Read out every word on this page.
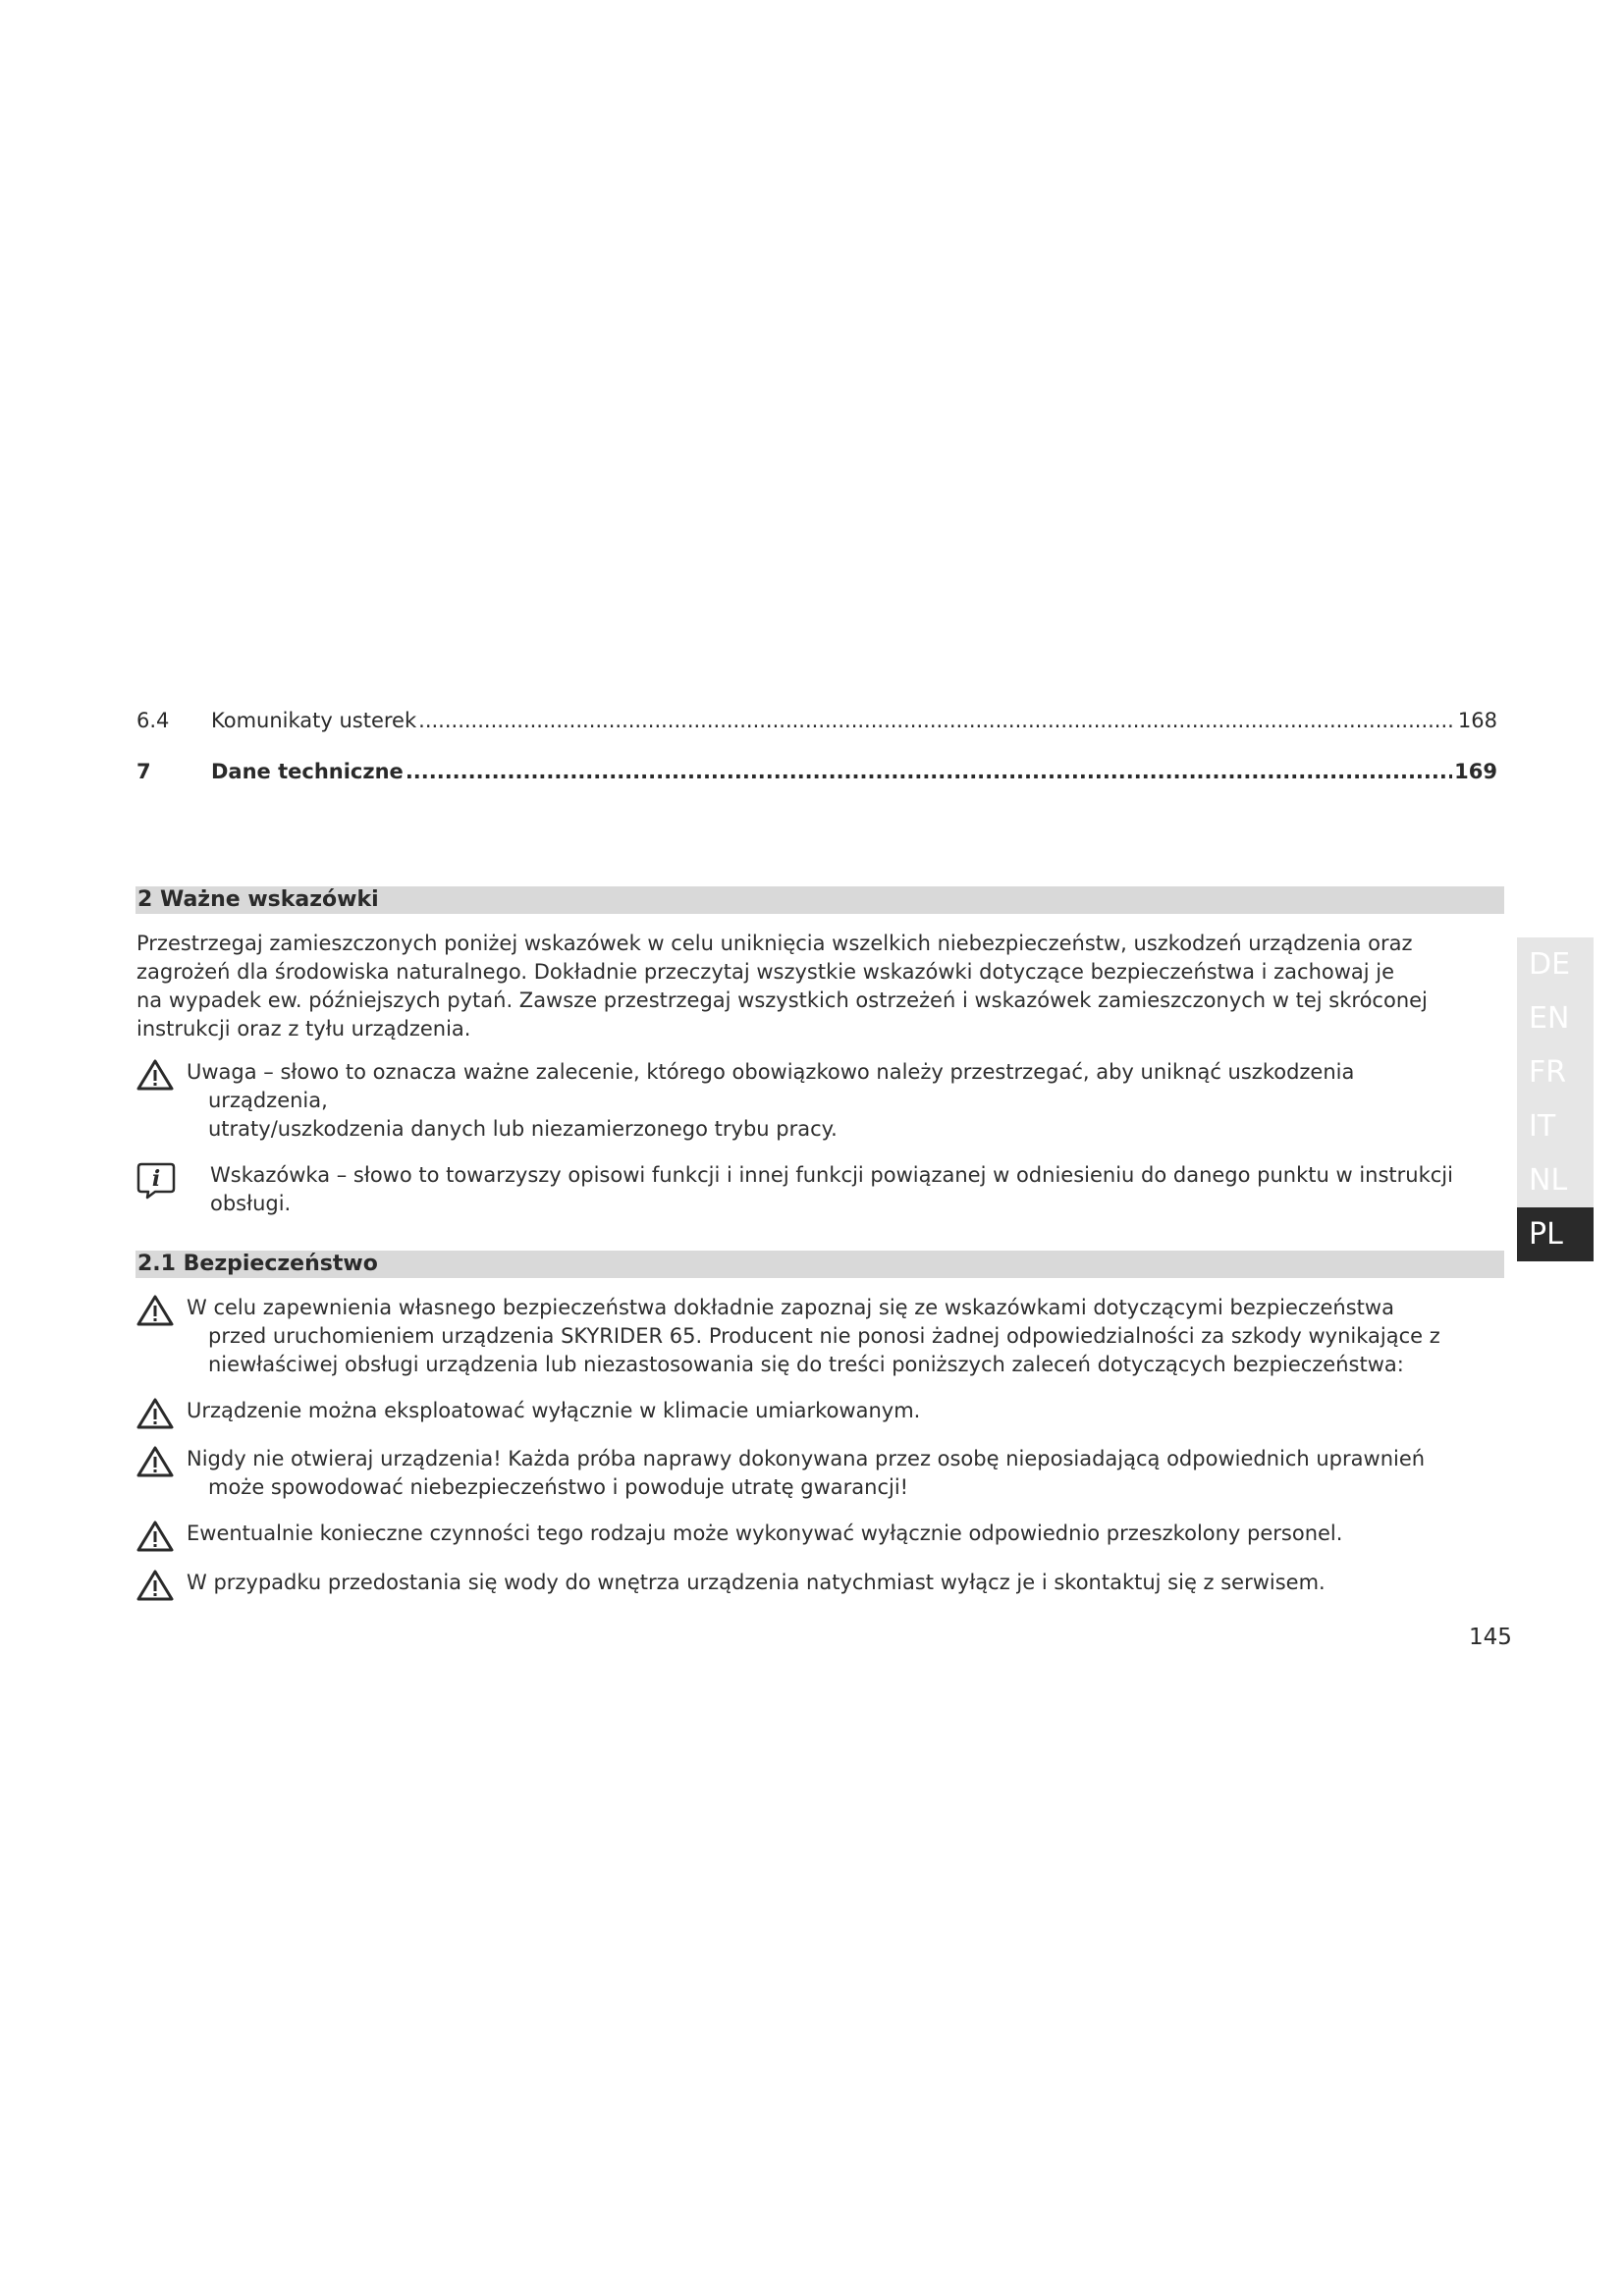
6.4	Komunikaty usterek .....	168
7	Dane techniczne .....	169
2 Ważne wskazówki
Przestrzegaj zamieszczonych poniżej wskazówek w celu uniknięcia wszelkich niebezpieczeństw, uszkodzeń urządzenia oraz
zagrożeń dla środowiska naturalnego. Dokładnie przeczytaj wszystkie wskazówki dotyczące bezpieczeństwa i zachowaj je
na wypadek ew. późniejszych pytań. Zawsze przestrzegaj wszystkich ostrzeżeń i wskazówek zamieszczonych w tej skróconej
instrukcji oraz z tyłu urządzenia.
Uwaga – słowo to oznacza ważne zalecenie, którego obowiązkowo należy przestrzegać, aby uniknąć uszkodzenia
urządzenia,
utraty/uszkodzenia danych lub niezamierzonego trybu pracy.
i Wskazówka – słowo to towarzyszy opisowi funkcji i innej funkcji powiązanej w odniesieniu do danego punktu w instrukcji
obsługi.
2.1 Bezpieczeństwo
W celu zapewnienia własnego bezpieczeństwa dokładnie zapoznaj się ze wskazówkami dotyczącymi bezpieczeństwa
przed uruchomieniem urządzenia SKYRIDER 65. Producent nie ponosi żadnej odpowiedzialności za szkody wynikające z
niewłaściwej obsługi urządzenia lub niezastosowania się do treści poniższych zaleceń dotyczących bezpieczeństwa:
Urządzenie można eksploatować wyłącznie w klimacie umiarkowanym.
Nigdy nie otwieraj urządzenia! Każda próba naprawy dokonywana przez osobę nieposiadającą odpowiednich uprawnień
może spowodować niebezpieczeństwo i powoduje utratę gwarancji!
Ewentualnie konieczne czynności tego rodzaju może wykonywać wyłącznie odpowiednio przeszkolony personel.
W przypadku przedostania się wody do wnętrza urządzenia natychmiast wyłącz je i skontaktuj się z serwisem.
DE
EN
FR
IT
NL
PL
145
